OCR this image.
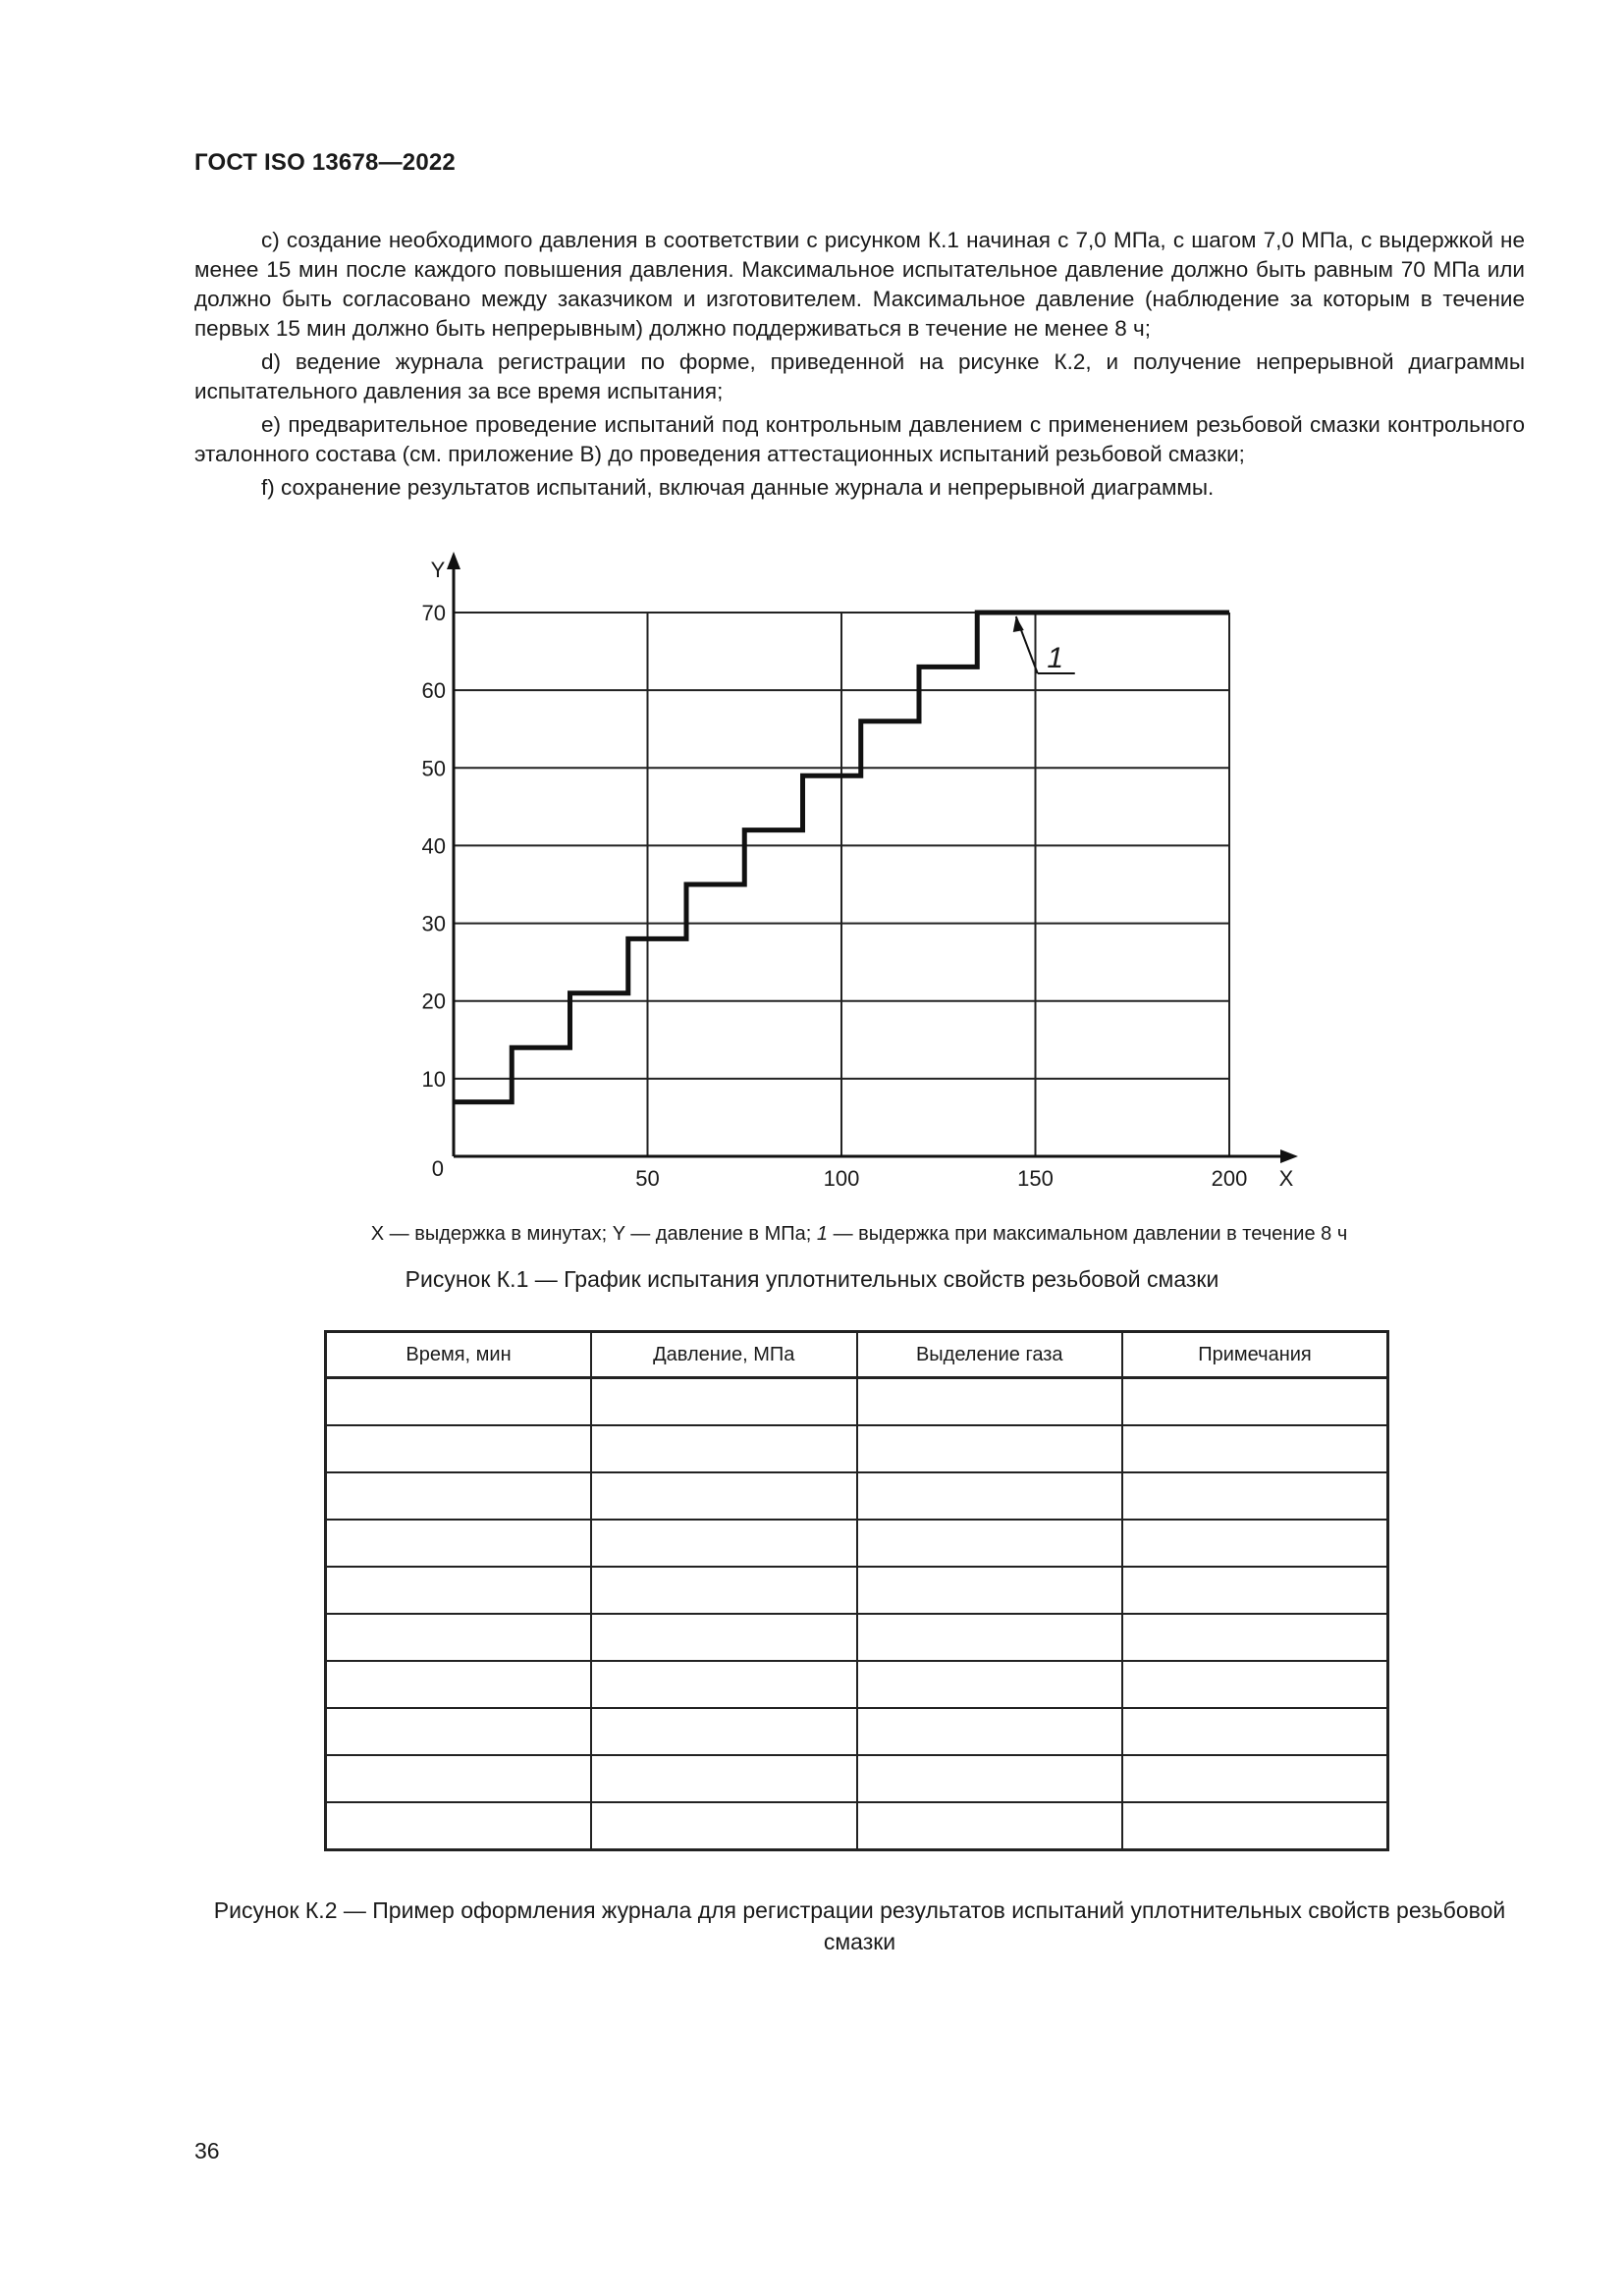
ГОСТ ISO 13678—2022

c) создание необходимого давления в соответствии с рисунком К.1 начиная с 7,0 МПа, с шагом 7,0 МПа, с выдержкой не менее 15 мин после каждого повышения давления. Максимальное испытательное давление должно быть равным 70 МПа или должно быть согласовано между заказчиком и изготовителем. Максимальное давление (наблюдение за которым в течение первых 15 мин должно быть непрерывным) должно поддерживаться в течение не менее 8 ч;

d) ведение журнала регистрации по форме, приведенной на рисунке К.2, и получение непрерывной диаграммы испытательного давления за все время испытания;

e) предварительное проведение испытаний под контрольным давлением с применением резьбовой смазки контрольного эталонного состава (см. приложение В) до проведения аттестационных испытаний резьбовой смазки;

f) сохранение результатов испытаний, включая данные журнала и непрерывной диаграммы.

10
20
30
40
50
60
70
50	100	150	200
0
Y
X
1
X — выдержка в минутах; Y — давление в МПа; 1 — выдержка при максимальном давлении в течение 8 ч
Рисунок К.1 — График испытания уплотнительных свойств резьбовой смазки
Время, мин	Давление, МПа	Выделение газа	Примечания

Рисунок К.2 — Пример оформления журнала для регистрации результатов испытаний уплотнительных свойств резьбовой смазки
36
